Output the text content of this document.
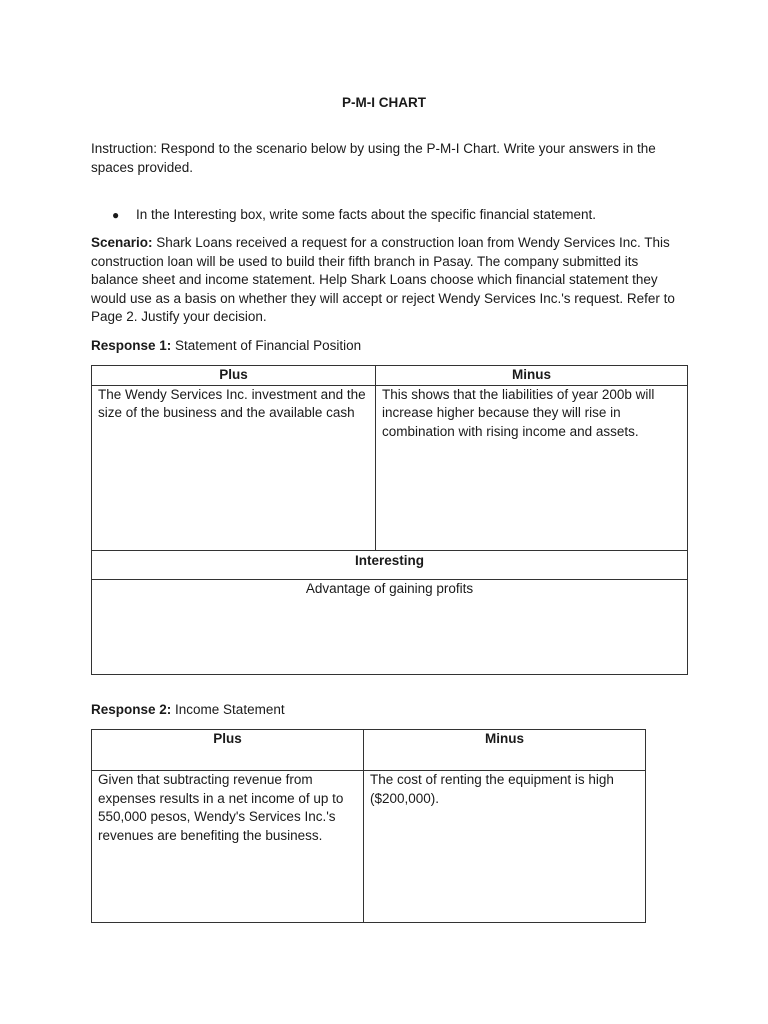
P-M-I CHART
Instruction: Respond to the scenario below by using the P-M-I Chart. Write your answers in the spaces provided.
●	In the Interesting box, write some facts about the specific financial statement.
Scenario: Shark Loans received a request for a construction loan from Wendy Services Inc. This construction loan will be used to build their fifth branch in Pasay. The company submitted its balance sheet and income statement. Help Shark Loans choose which financial statement they would use as a basis on whether they will accept or reject Wendy Services Inc.'s request. Refer to Page 2. Justify your decision.
Response 1: Statement of Financial Position
Plus	Minus
The Wendy Services Inc. investment and the size of the business and the available cash	This shows that the liabilities of year 200b will increase higher because they will rise in combination with rising income and assets.
Interesting	
Advantage of gaining profits	
Response 2: Income Statement
Plus	Minus
Given that subtracting revenue from expenses results in a net income of up to 550,000 pesos, Wendy's Services Inc.'s revenues are benefiting the business.	The cost of renting the equipment is high ($200,000).
